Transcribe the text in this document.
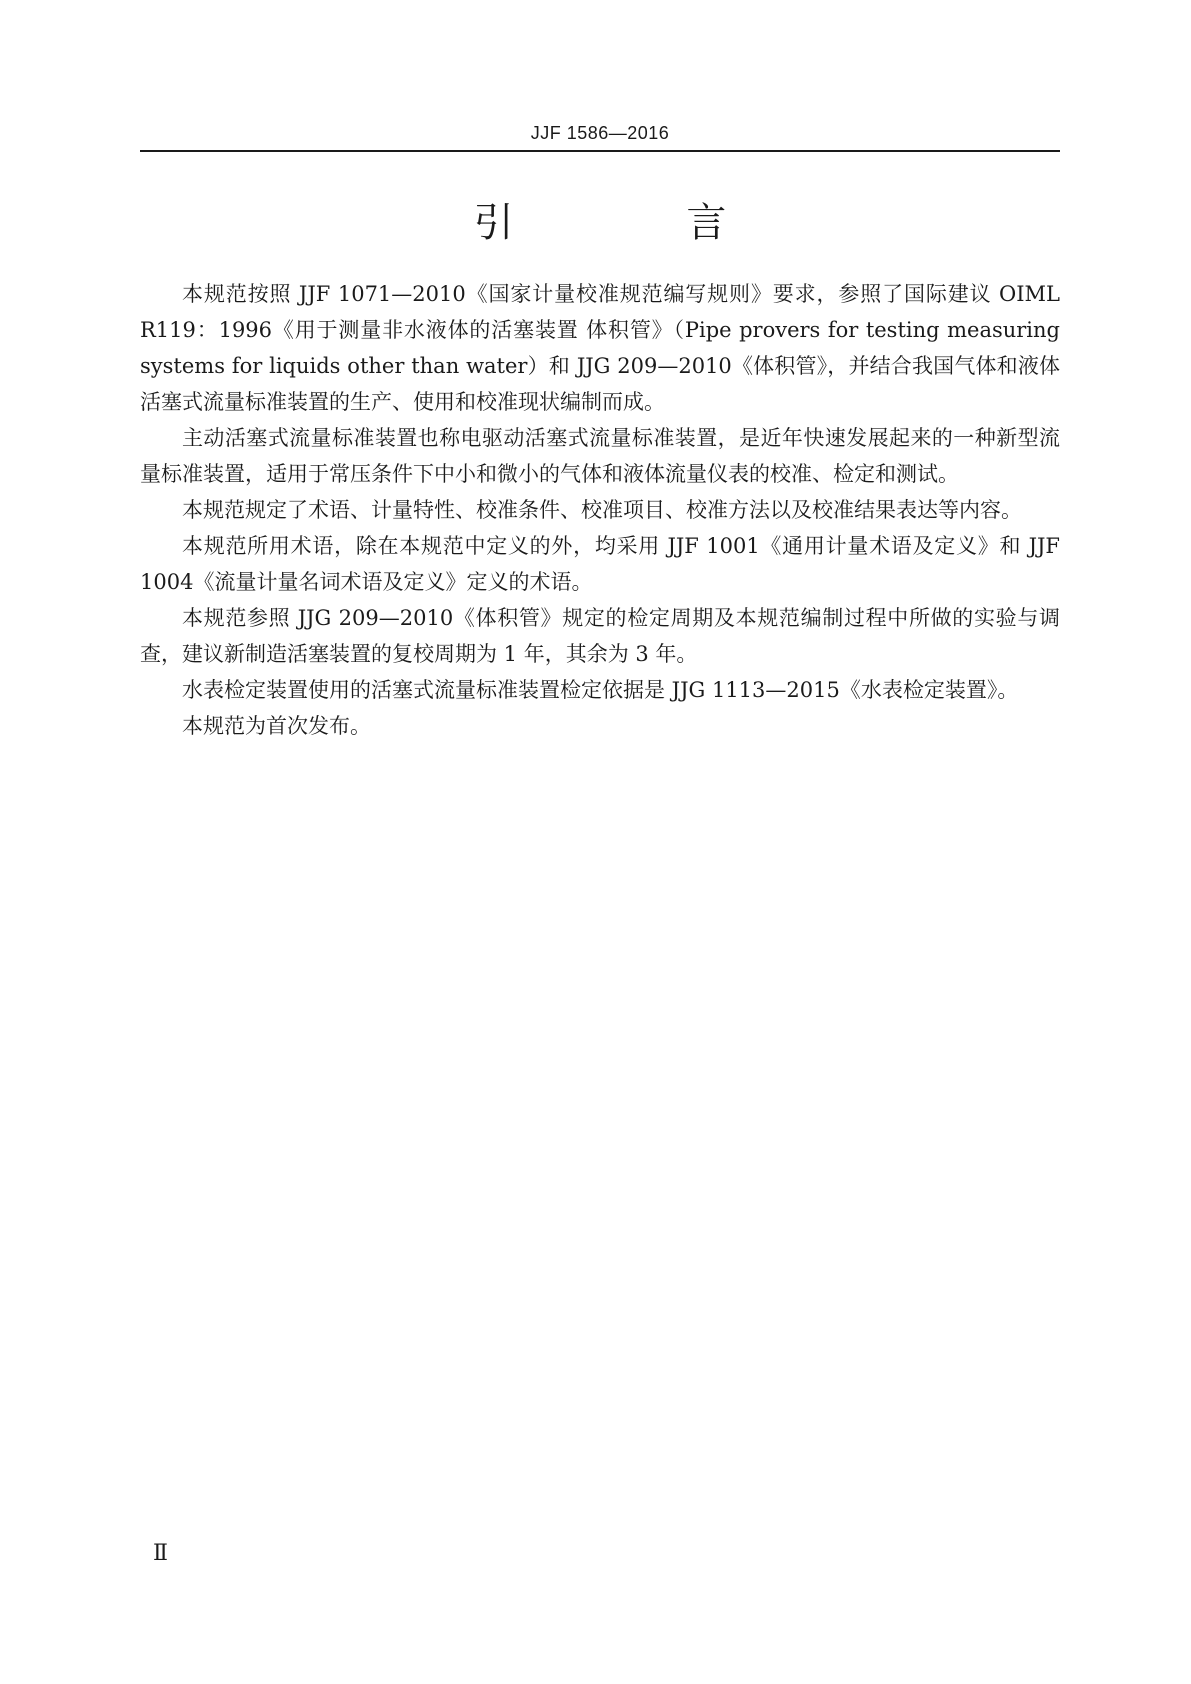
JJF 1586—2016
引 言

本规范按照 JJF 1071—2010《国家计量校准规范编写规则》要求，参照了国际建议 OIML R119：1996《用于测量非水液体的活塞装置 体积管》（Pipe provers for testing measuring systems for liquids other than water）和 JJG 209—2010《体积管》，并结合我国气体和液体活塞式流量标准装置的生产、使用和校准现状编制而成。

主动活塞式流量标准装置也称电驱动活塞式流量标准装置，是近年快速发展起来的一种新型流量标准装置，适用于常压条件下中小和微小的气体和液体流量仪表的校准、检定和测试。

本规范规定了术语、计量特性、校准条件、校准项目、校准方法以及校准结果表达等内容。

本规范所用术语，除在本规范中定义的外，均采用 JJF 1001《通用计量术语及定义》和 JJF 1004《流量计量名词术语及定义》定义的术语。

本规范参照 JJG 209—2010《体积管》规定的检定周期及本规范编制过程中所做的实验与调查，建议新制造活塞装置的复校周期为 1 年，其余为 3 年。

水表检定装置使用的活塞式流量标准装置检定依据是 JJG 1113—2015《水表检定装置》。

本规范为首次发布。

Ⅱ
